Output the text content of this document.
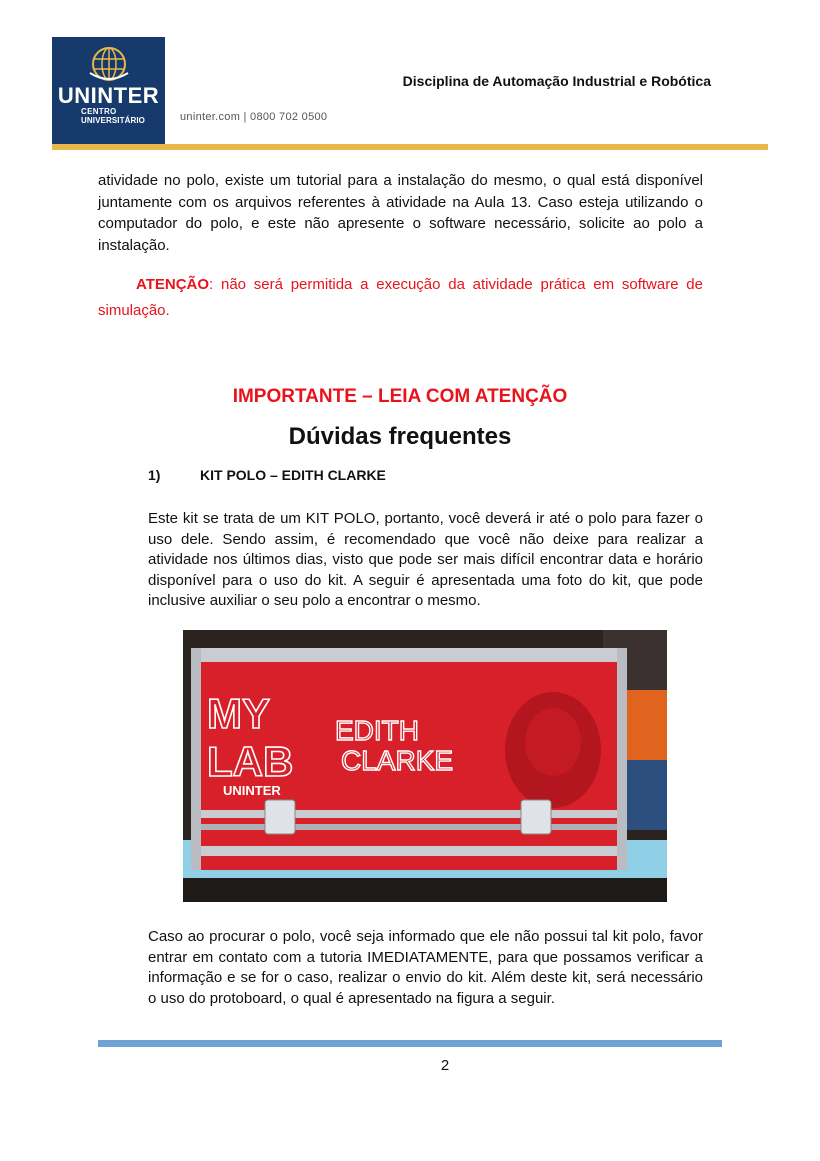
UNINTER
CENTRO
UNIVERSITÁRIO	uninter.com | 0800 702 0500
Disciplina de Automação Industrial e Robótica
atividade no polo, existe um tutorial para a instalação do mesmo, o qual está disponível juntamente com os arquivos referentes à atividade na Aula 13. Caso esteja utilizando o computador do polo, e este não apresente o software necessário, solicite ao polo a instalação.
ATENÇÃO: não será permitida a execução da atividade prática em software de simulação.
IMPORTANTE – LEIA COM ATENÇÃO
Dúvidas frequentes
1)	KIT POLO – EDITH CLARKE
Este kit se trata de um KIT POLO, portanto, você deverá ir até o polo para fazer o uso dele. Sendo assim, é recomendado que você não deixe para realizar a atividade nos últimos dias, visto que pode ser mais difícil encontrar data e horário disponível para o uso do kit. A seguir é apresentada uma foto do kit, que pode inclusive auxiliar o seu polo a encontrar o mesmo.
MY
LAB
UNINTER
EDITH
CLARKE
Caso ao procurar o polo, você seja informado que ele não possui tal kit polo, favor entrar em contato com a tutoria IMEDIATAMENTE, para que possamos verificar a informação e se for o caso, realizar o envio do kit. Além deste kit, será necessário o uso do protoboard, o qual é apresentado na figura a seguir.
2
